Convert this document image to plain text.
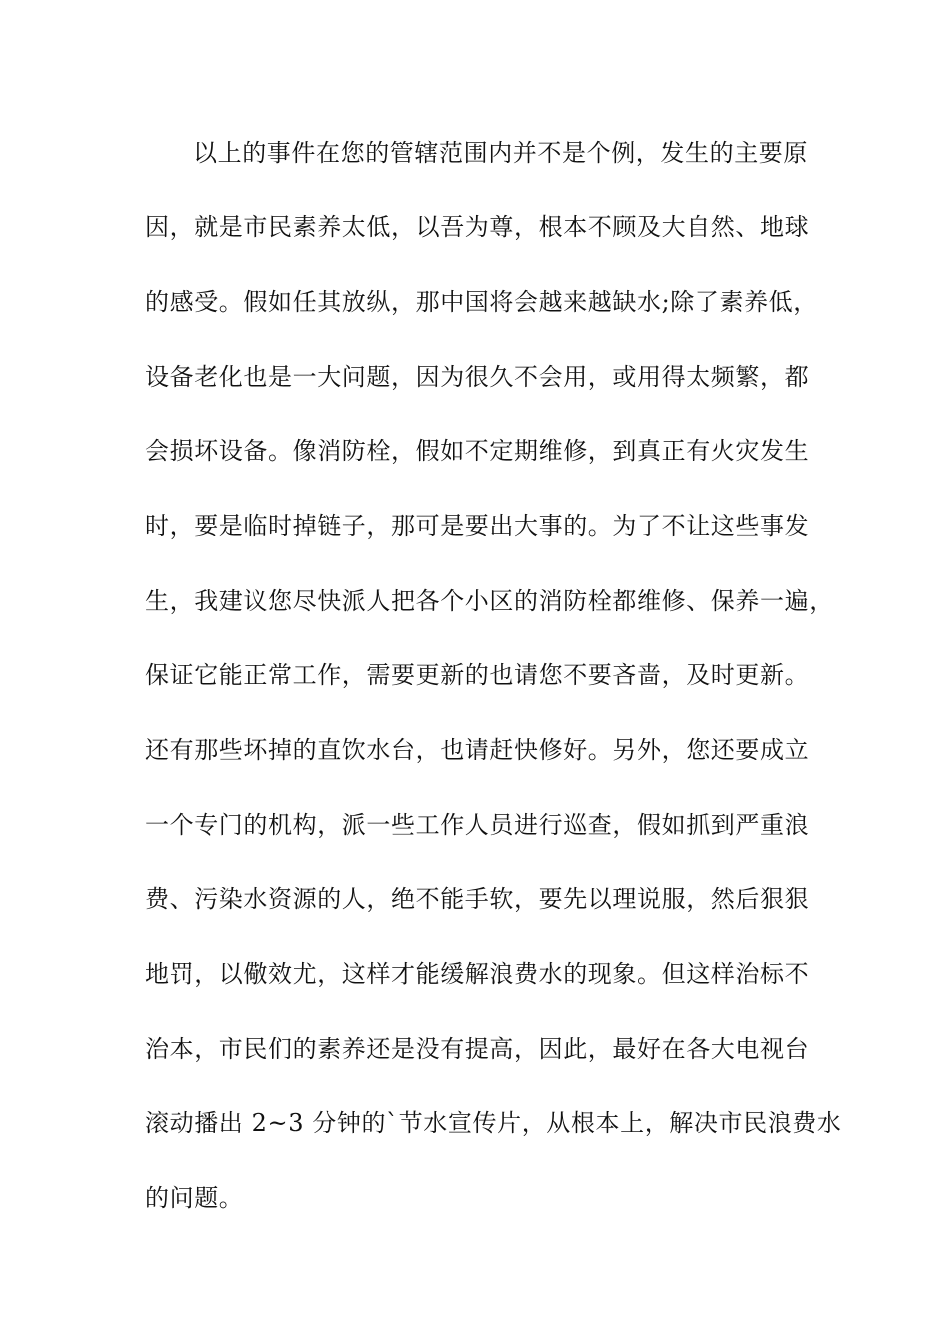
以上的事件在您的管辖范围内并不是个例，发生的主要原
因，就是市民素养太低，以吾为尊，根本不顾及大自然、地球
的感受。假如任其放纵，那中国将会越来越缺水;除了素养低，
设备老化也是一大问题，因为很久不会用，或用得太频繁，都
会损坏设备。像消防栓，假如不定期维修，到真正有火灾发生
时，要是临时掉链子，那可是要出大事的。为了不让这些事发
生，我建议您尽快派人把各个小区的消防栓都维修、保养一遍，
保证它能正常工作，需要更新的也请您不要吝啬，及时更新。
还有那些坏掉的直饮水台，也请赶快修好。另外，您还要成立
一个专门的机构，派一些工作人员进行巡查，假如抓到严重浪
费、污染水资源的人，绝不能手软，要先以理说服，然后狠狠
地罚，以儆效尤，这样才能缓解浪费水的现象。但这样治标不
治本，市民们的素养还是没有提高，因此，最好在各大电视台
滚动播出 2~3 分钟的`节水宣传片，从根本上，解决市民浪费水
的问题。
